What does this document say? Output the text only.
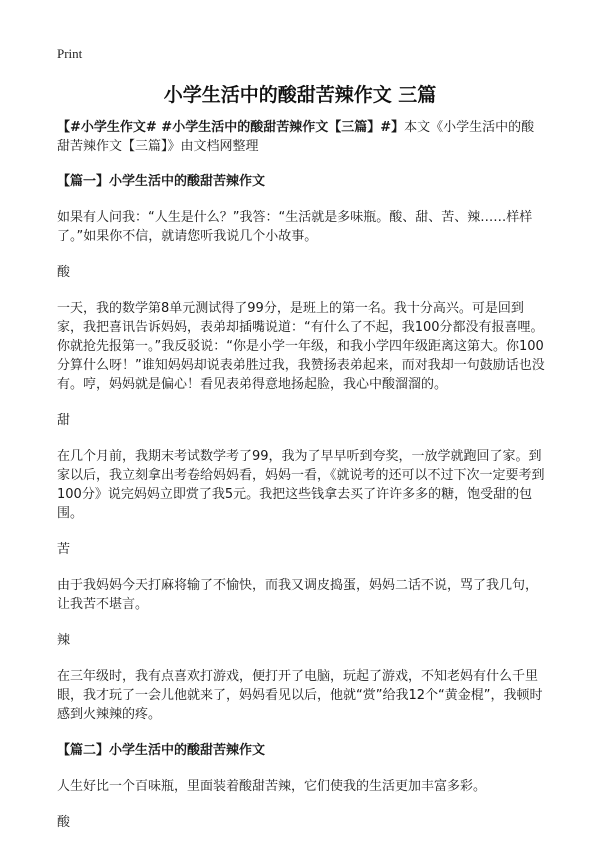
Print
小学生活中的酸甜苦辣作文 三篇

【#小学生作文# #小学生活中的酸甜苦辣作文【三篇】#】本文《小学生活中的酸甜苦辣作文【三篇】》由文档网整理

【篇一】小学生活中的酸甜苦辣作文

如果有人问我：“人生是什么？”我答：“生活就是多味瓶。酸、甜、苦、辣……样样了。”如果你不信，就请您听我说几个小故事。

酸

一天，我的数学第8单元测试得了99分，是班上的第一名。我十分高兴。可是回到家，我把喜讯告诉妈妈，表弟却插嘴说道：“有什么了不起，我100分都没有报喜哩。你就抢先报第一。”我反驳说：“你是小学一年级，和我小学四年级距离这第大。你100分算什么呀！”谁知妈妈却说表弟胜过我，我赞扬表弟起来，而对我却一句鼓励话也没有。哼，妈妈就是偏心！看见表弟得意地扬起脸，我心中酸溜溜的。

甜

在几个月前，我期末考试数学考了99，我为了早早听到夸奖，一放学就跑回了家。到家以后，我立刻拿出考卷给妈妈看，妈妈一看，《就说考的还可以不过下次一定要考到100分》说完妈妈立即赏了我5元。我把这些钱拿去买了许许多多的糖，饱受甜的包围。

苦

由于我妈妈今天打麻将输了不愉快，而我又调皮捣蛋，妈妈二话不说，骂了我几句，让我苦不堪言。

辣

在三年级时，我有点喜欢打游戏，便打开了电脑，玩起了游戏，不知老妈有什么千里眼，我才玩了一会儿他就来了，妈妈看见以后，他就“赏”给我12个“黄金棍”，我顿时感到火辣辣的疼。

【篇二】小学生活中的酸甜苦辣作文

人生好比一个百味瓶，里面装着酸甜苦辣，它们使我的生活更加丰富多彩。

酸
